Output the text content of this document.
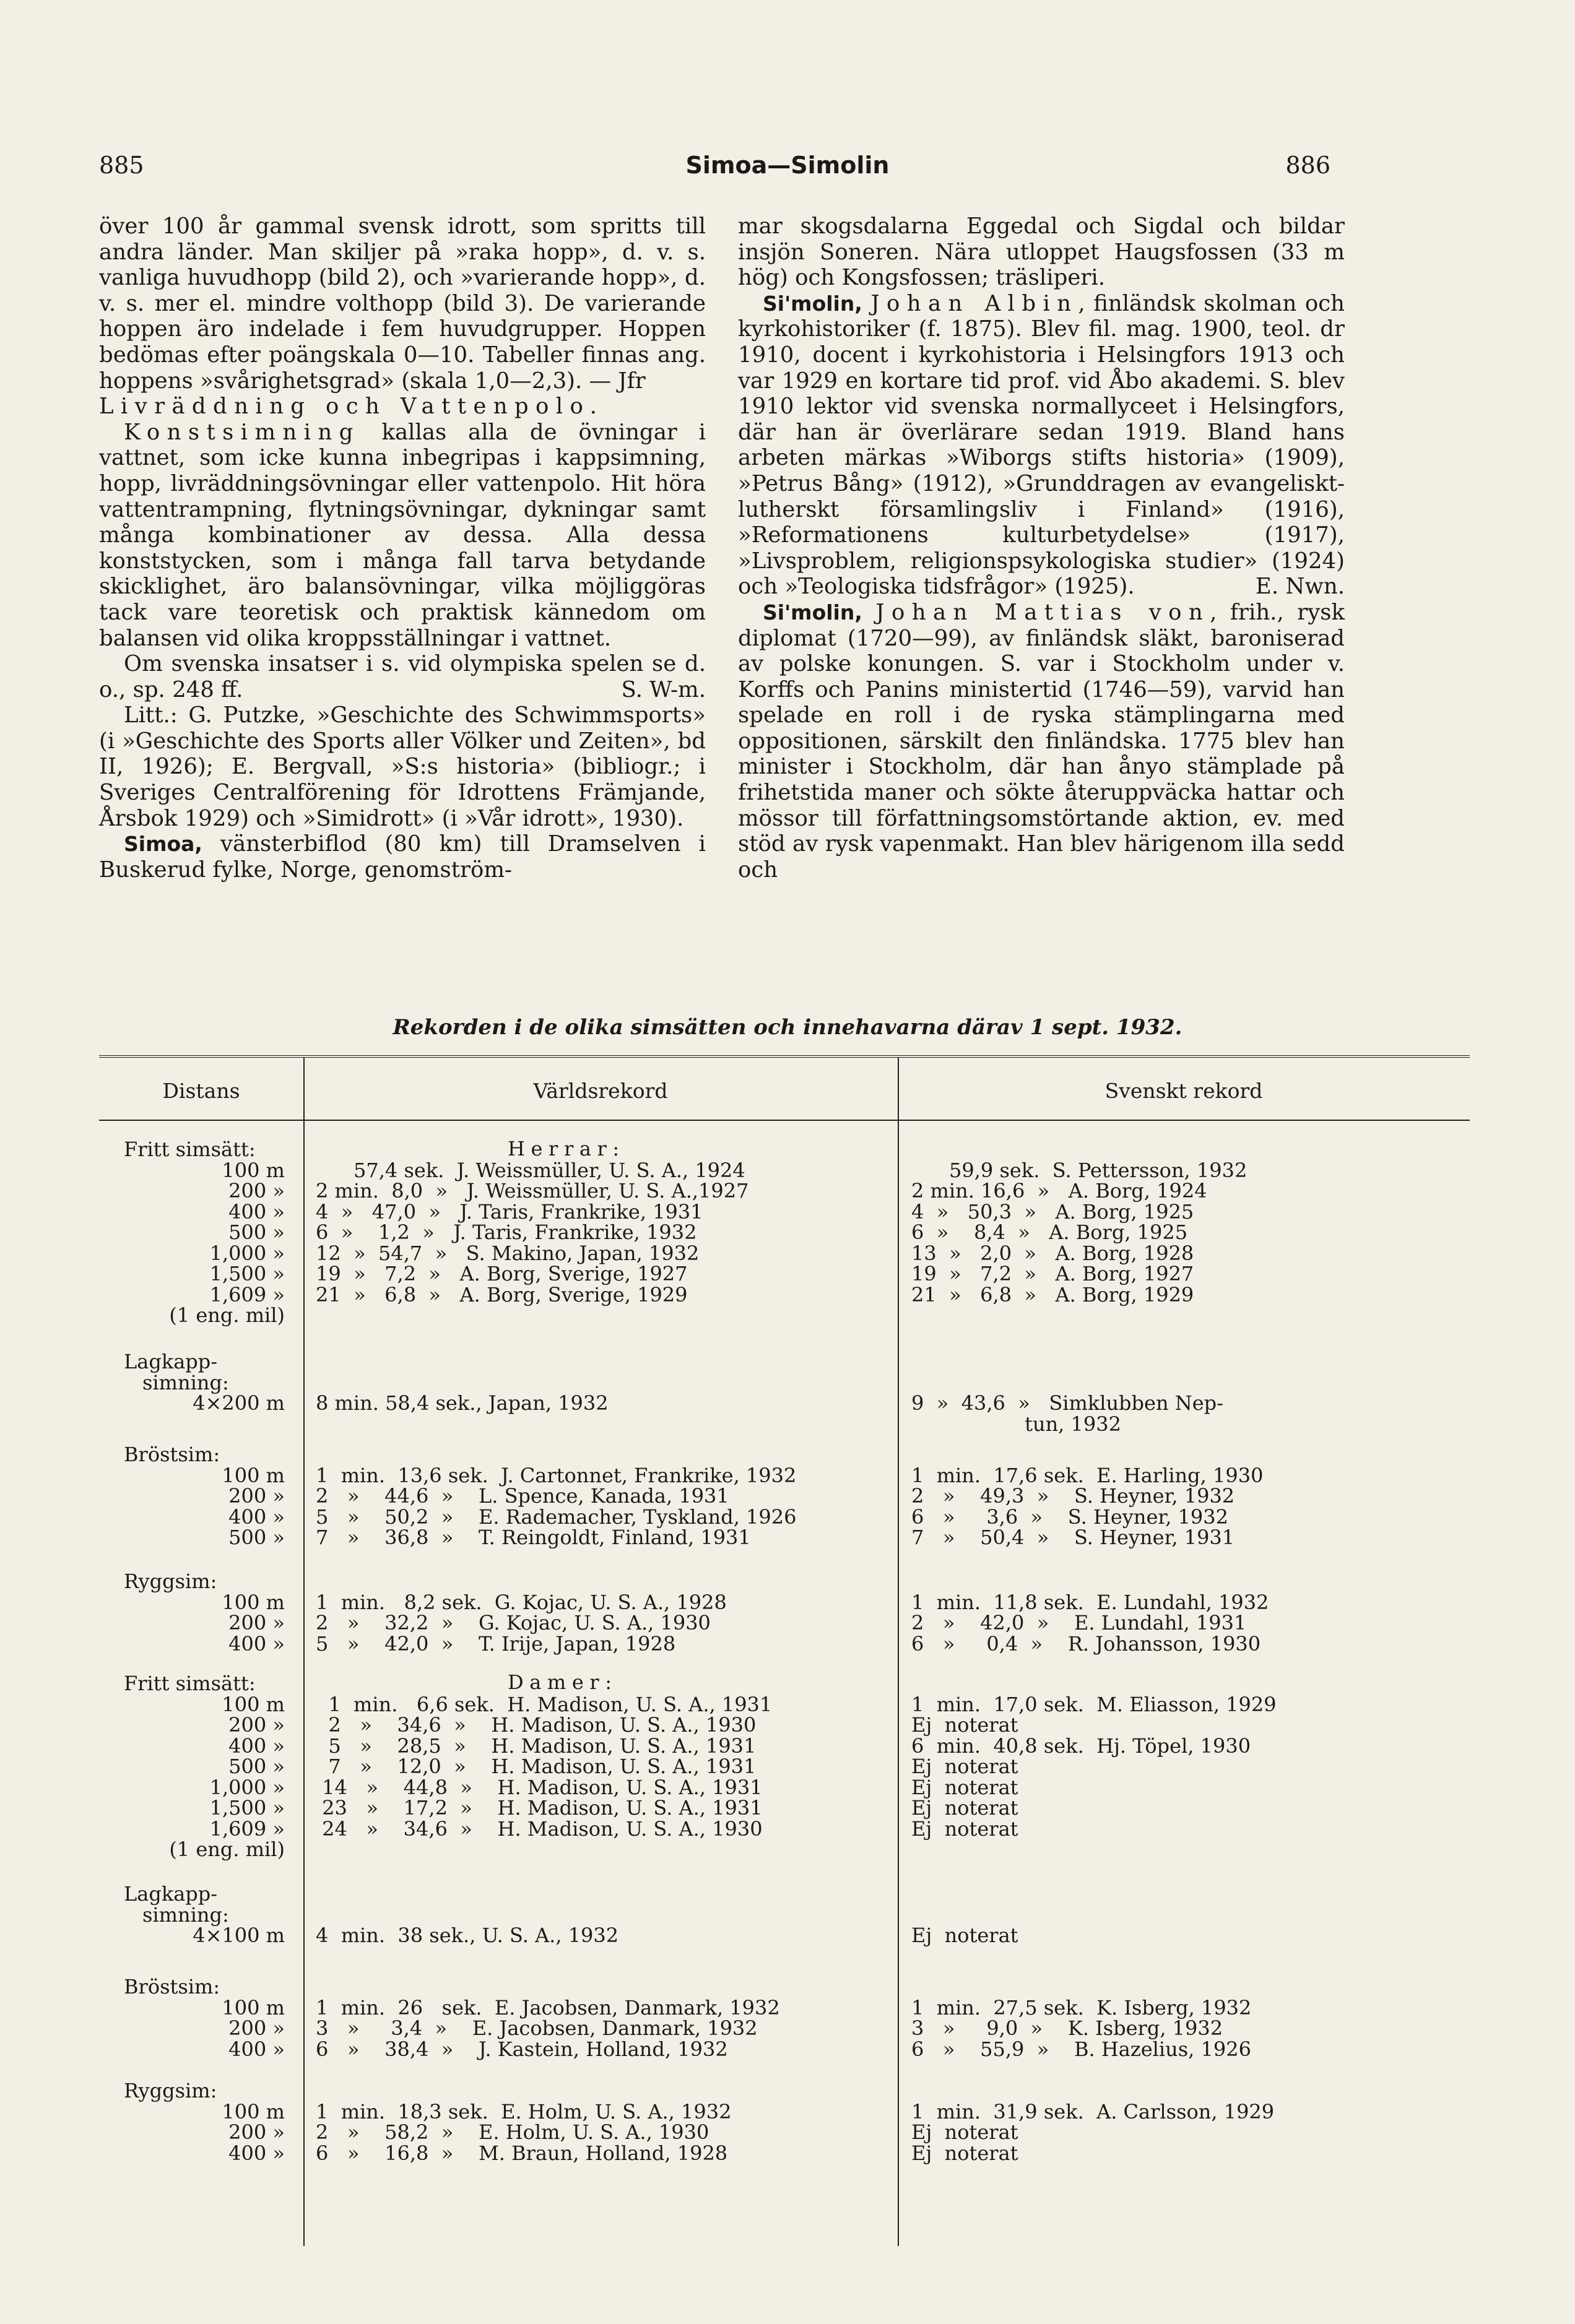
885	Simoa—Simolin	886

över 100 år gammal svensk idrott, som spritts till andra länder. Man skiljer på »raka hopp», d. v. s. vanliga huvudhopp (bild 2), och »varierande hopp», d. v. s. mer el. mindre volthopp (bild 3). De varierande hoppen äro indelade i fem huvudgrupper. Hoppen bedömas efter poängskala 0—10. Tabeller finnas ang. hoppens »svårighetsgrad» (skala 1,0—2,3). — Jfr

Livräddning och Vattenpolo.

Konstsimning kallas alla de övningar i vattnet, som icke kunna inbegripas i kappsimning, hopp, livräddningsövningar eller vattenpolo. Hit höra vattentrampning, flytningsövningar, dykningar samt många kombinationer av dessa. Alla dessa konststycken, som i många fall tarva betydande skicklighet, äro balansövningar, vilka möjliggöras tack vare teoretisk och praktisk kännedom om balansen vid olika kroppsställningar i vattnet.

Om svenska insatser i s. vid olympiska spelen se d. o., sp. 248 ff.	S. W-m.

Litt.: G. Putzke, »Geschichte des Schwimmsports» (i »Geschichte des Sports aller Völker und Zeiten», bd II, 1926); E. Bergvall, »S:s historia» (bibliogr.; i Sveriges Centralförening för Idrottens Främjande, Årsbok 1929) och »Simidrott» (i »Vår idrott», 1930).

Simoa, vänsterbiflod (80 km) till Dramselven i Buskerud fylke, Norge, genomström-

mar skogsdalarna Eggedal och Sigdal och bildar insjön Soneren. Nära utloppet Haugsfossen (33 m hög) och Kongsfossen; träsliperi.

Si'molin, Johan Albin, finländsk skolman och kyrkohistoriker (f. 1875). Blev fil. mag. 1900, teol. dr 1910, docent i kyrkohistoria i Helsingfors 1913 och var 1929 en kortare tid prof. vid Åbo akademi. S. blev 1910 lektor vid svenska normallyceet i Helsingfors, där han är överlärare sedan 1919. Bland hans arbeten märkas »Wiborgs stifts historia» (1909), »Petrus Bång» (1912), »Grunddragen av evangeliskt-lutherskt församlingsliv i Finland» (1916), »Reformationens kulturbetydelse» (1917), »Livsproblem, religionspsykologiska studier» (1924) och »Teologiska tidsfrågor» (1925).	E. Nwn.

Si'molin, Johan Mattias von, frih., rysk diplomat (1720—99), av finländsk släkt, baroniserad av polske konungen. S. var i Stockholm under v. Korffs och Panins ministertid (1746—59), varvid han spelade en roll i de ryska stämplingarna med oppositionen, särskilt den finländska. 1775 blev han minister i Stockholm, där han ånyo stämplade på frihetstida maner och sökte återuppväcka hattar och mössor till författningsomstörtande aktion, ev. med stöd av rysk vapenmakt. Han blev härigenom illa sedd och

Rekorden i de olika simsätten och innehavarna därav 1 sept. 1932.
Distans	Världsrekord	Svenskt rekord
Herrar:
Damer:
Fritt simsätt:
100 m 57,4 sek.  J. Weissmüller, U. S. A., 1924	59,9 sek.  S. Pettersson, 1932
200 » 2 min.  8,0  »   J. Weissmüller, U. S. A.,1927	2 min. 16,6  »   A. Borg, 1924
400 » 4  »   47,0  »   J. Taris, Frankrike, 1931	4  »   50,3  »   A. Borg, 1925
500 » 6  »    1,2  »   J. Taris, Frankrike, 1932	6  »    8,4  »   A. Borg, 1925
1,000 » 12  »  54,7  »   S. Makino, Japan, 1932	13  »   2,0  »   A. Borg, 1928
1,500 » 19  »   7,2  »   A. Borg, Sverige, 1927	19  »   7,2  »   A. Borg, 1927
1,609 » 21  »   6,8  »   A. Borg, Sverige, 1929	21  »   6,8  »   A. Borg, 1929
(1 eng. mil)
Lagkapp-
simning:
4×200 m 8 min. 58,4 sek., Japan, 1932	9  »  43,6  »   Simklubben Nep-
tun, 1932
Bröstsim:
100 m 1  min.  13,6 sek.  J. Cartonnet, Frankrike, 1932	1  min.  17,6 sek.  E. Harling, 1930
200 » 2   »    44,6  »    L. Spence, Kanada, 1931	2   »    49,3  »    S. Heyner, 1932
400 » 5   »    50,2  »    E. Rademacher, Tyskland, 1926	6   »     3,6  »    S. Heyner, 1932
500 » 7   »    36,8  »    T. Reingoldt, Finland, 1931	7   »    50,4  »    S. Heyner, 1931
Ryggsim:
100 m 1  min.   8,2 sek.  G. Kojac, U. S. A., 1928	1  min.  11,8 sek.  E. Lundahl, 1932
200 » 2   »    32,2  »    G. Kojac, U. S. A., 1930	2   »    42,0  »    E. Lundahl, 1931
400 » 5   »    42,0  »    T. Irije, Japan, 1928	6   »     0,4  »    R. Johansson, 1930
Fritt simsätt:
100 m 1  min.   6,6 sek.  H. Madison, U. S. A., 1931	1  min.  17,0 sek.  M. Eliasson, 1929
200 » 2   »    34,6  »    H. Madison, U. S. A., 1930	Ej  noterat
400 » 5   »    28,5  »    H. Madison, U. S. A., 1931	6  min.  40,8 sek.  Hj. Töpel, 1930
500 » 7   »    12,0  »    H. Madison, U. S. A., 1931	Ej  noterat
1,000 » 14   »    44,8  »    H. Madison, U. S. A., 1931	Ej  noterat
1,500 » 23   »    17,2  »    H. Madison, U. S. A., 1931	Ej  noterat
1,609 » 24   »    34,6  »    H. Madison, U. S. A., 1930	Ej  noterat
(1 eng. mil)
Lagkapp-
simning:
4×100 m 4  min.  38 sek., U. S. A., 1932	Ej  noterat
Bröstsim:
100 m 1  min.  26   sek.  E. Jacobsen, Danmark, 1932	1  min.  27,5 sek.  K. Isberg, 1932
200 » 3   »     3,4  »    E. Jacobsen, Danmark, 1932	3   »     9,0  »    K. Isberg, 1932
400 » 6   »    38,4  »    J. Kastein, Holland, 1932	6   »    55,9  »    B. Hazelius, 1926
Ryggsim:
100 m 1  min.  18,3 sek.  E. Holm, U. S. A., 1932	1  min.  31,9 sek.  A. Carlsson, 1929
200 » 2   »    58,2  »    E. Holm, U. S. A., 1930	Ej  noterat
400 » 6   »    16,8  »    M. Braun, Holland, 1928	Ej  noterat
